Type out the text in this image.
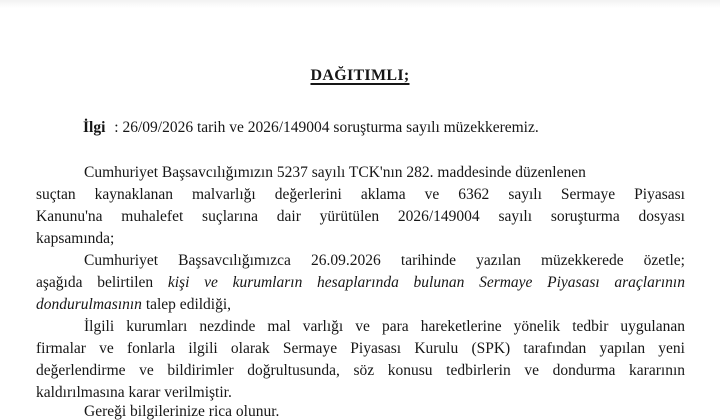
DAĞITIMLI;
İlgi : 26/09/2026 tarih ve 2026/149004 soruşturma sayılı müzekkeremiz.
Cumhuriyet Başsavcılığımızın 5237 sayılı TCK'nın 282. maddesinde düzenlenen
suçtan kaynaklanan malvarlığı değerlerini aklama ve 6362 sayılı Sermaye Piyasası
Kanunu'na muhalefet suçlarına dair yürütülen 2026/149004 sayılı soruşturma dosyası
kapsamında;
Cumhuriyet Başsavcılığımızca 26.09.2026 tarihinde yazılan müzekkerede özetle;
aşağıda belirtilen kişi ve kurumların hesaplarında bulunan Sermaye Piyasası araçlarının
dondurulmasının talep edildiği,
İlgili kurumları nezdinde mal varlığı ve para hareketlerine yönelik tedbir uygulanan
firmalar ve fonlarla ilgili olarak Sermaye Piyasası Kurulu (SPK) tarafından yapılan yeni
değerlendirme ve bildirimler doğrultusunda, söz konusu tedbirlerin ve dondurma kararının
kaldırılmasına karar verilmiştir.
Gereği bilgilerinize rica olunur.
